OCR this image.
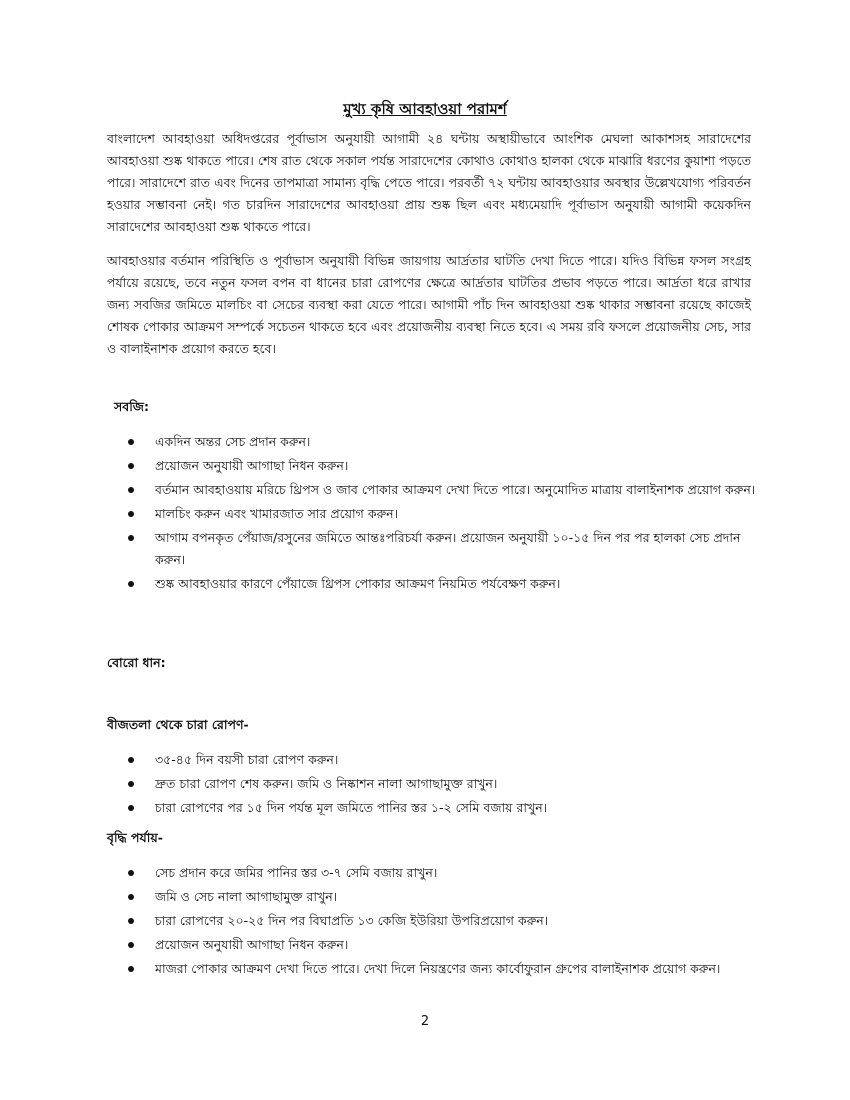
মুখ্য কৃষি আবহাওয়া পরামর্শ

বাংলাদেশ আবহাওয়া অধিদপ্তরের পূর্বাভাস অনুযায়ী আগামী ২৪ ঘন্টায় অস্থায়ীভাবে আংশিক মেঘলা আকাশসহ সারাদেশের আবহাওয়া শুষ্ক থাকতে পারে। শেষ রাত থেকে সকাল পর্যন্ত সারাদেশের কোথাও কোথাও হালকা থেকে মাঝারি ধরণের কুয়াশা পড়তে পারে। সারাদেশে রাত এবং দিনের তাপমাত্রা সামান্য বৃদ্ধি পেতে পারে। পরবর্তী ৭২ ঘন্টায় আবহাওয়ার অবস্থার উল্লেখযোগ্য পরিবর্তন হওয়ার সম্ভাবনা নেই। গত চারদিন সারাদেশের আবহাওয়া প্রায় শুষ্ক ছিল এবং মধ্যমেয়াদি পূর্বাভাস অনুযায়ী আগামী কয়েকদিন সারাদেশের আবহাওয়া শুষ্ক থাকতে পারে।

আবহাওয়ার বর্তমান পরিস্থিতি ও পূর্বাভাস অনুযায়ী বিভিন্ন জায়গায় আর্দ্রতার ঘাটতি দেখা দিতে পারে। যদিও বিভিন্ন ফসল সংগ্রহ পর্যায়ে রয়েছে, তবে নতুন ফসল বপন বা ধানের চারা রোপণের ক্ষেত্রে আর্দ্রতার ঘাটতির প্রভাব পড়তে পারে। আর্দ্রতা ধরে রাখার জন্য সবজির জমিতে মালচিং বা সেচের ব্যবস্থা করা যেতে পারে। আগামী পাঁচ দিন আবহাওয়া শুষ্ক থাকার সম্ভাবনা রয়েছে কাজেই শোষক পোকার আক্রমণ সম্পর্কে সচেতন থাকতে হবে এবং প্রয়োজনীয় ব্যবস্থা নিতে হবে। এ সময় রবি ফসলে প্রয়োজনীয় সেচ, সার ও বালাইনাশক প্রয়োগ করতে হবে।

সবজি:
একদিন অন্তর সেচ প্রদান করুন।
প্রয়োজন অনুযায়ী আগাছা নিধন করুন।
বর্তমান আবহাওয়ায় মরিচে থ্রিপস ও জাব পোকার আক্রমণ দেখা দিতে পারে। অনুমোদিত মাত্রায় বালাইনাশক প্রয়োগ করুন।
মালচিং করুন এবং খামারজাত সার প্রয়োগ করুন।
আগাম বপনকৃত পেঁয়াজ/রসুনের জমিতে আন্তঃপরিচর্যা করুন। প্রয়োজন অনুযায়ী ১০-১৫ দিন পর পর হালকা সেচ প্রদান করুন।
শুষ্ক আবহাওয়ার কারণে পেঁয়াজে থ্রিপস পোকার আক্রমণ নিয়মিত পর্যবেক্ষণ করুন।
বোরো ধান:
বীজতলা থেকে চারা রোপণ-
৩৫-৪৫ দিন বয়সী চারা রোপণ করুন।
দ্রুত চারা রোপণ শেষ করুন। জমি ও নিষ্কাশন নালা আগাছামুক্ত রাখুন।
চারা রোপণের পর ১৫ দিন পর্যন্ত মূল জমিতে পানির স্তর ১-২ সেমি বজায় রাখুন।
বৃদ্ধি পর্যায়-
সেচ প্রদান করে জমির পানির স্তর ৩-৭ সেমি বজায় রাখুন।
জমি ও সেচ নালা আগাছামুক্ত রাখুন।
চারা রোপণের ২০-২৫ দিন পর বিঘাপ্রতি ১৩ কেজি ইউরিয়া উপরিপ্রয়োগ করুন।
প্রয়োজন অনুযায়ী আগাছা নিধন করুন।
মাজরা পোকার আক্রমণ দেখা দিতে পারে। দেখা দিলে নিয়ন্ত্রণের জন্য কার্বোফুরান গ্রুপের বালাইনাশক প্রয়োগ করুন।
2
